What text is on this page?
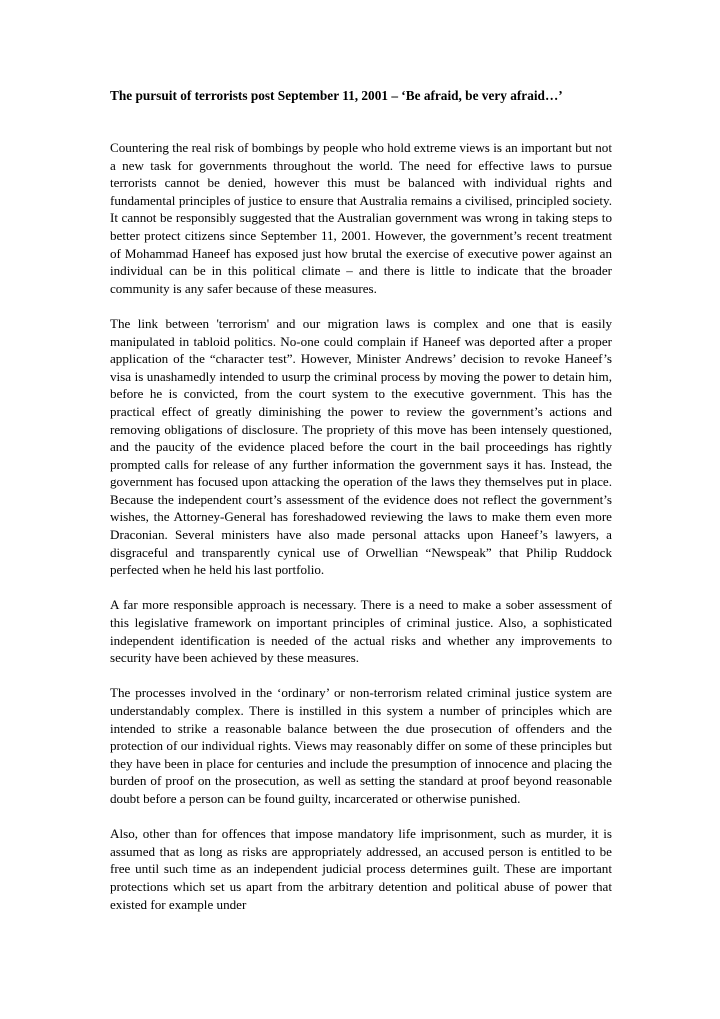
The pursuit of terrorists post September 11, 2001 – ‘Be afraid, be very afraid…’

Countering the real risk of bombings by people who hold extreme views is an important but not a new task for governments throughout the world. The need for effective laws to pursue terrorists cannot be denied, however this must be balanced with individual rights and fundamental principles of justice to ensure that Australia remains a civilised, principled society. It cannot be responsibly suggested that the Australian government was wrong in taking steps to better protect citizens since September 11, 2001. However, the government’s recent treatment of Mohammad Haneef has exposed just how brutal the exercise of executive power against an individual can be in this political climate – and there is little to indicate that the broader community is any safer because of these measures.

The link between 'terrorism' and our migration laws is complex and one that is easily manipulated in tabloid politics. No-one could complain if Haneef was deported after a proper application of the “character test”. However, Minister Andrews’ decision to revoke Haneef’s visa is unashamedly intended to usurp the criminal process by moving the power to detain him, before he is convicted, from the court system to the executive government. This has the practical effect of greatly diminishing the power to review the government’s actions and removing obligations of disclosure. The propriety of this move has been intensely questioned, and the paucity of the evidence placed before the court in the bail proceedings has rightly prompted calls for release of any further information the government says it has. Instead, the government has focused upon attacking the operation of the laws they themselves put in place. Because the independent court’s assessment of the evidence does not reflect the government’s wishes, the Attorney-General has foreshadowed reviewing the laws to make them even more Draconian. Several ministers have also made personal attacks upon Haneef’s lawyers, a disgraceful and transparently cynical use of Orwellian “Newspeak” that Philip Ruddock perfected when he held his last portfolio.

A far more responsible approach is necessary. There is a need to make a sober assessment of this legislative framework on important principles of criminal justice. Also, a sophisticated independent identification is needed of the actual risks and whether any improvements to security have been achieved by these measures.

The processes involved in the ‘ordinary’ or non-terrorism related criminal justice system are understandably complex. There is instilled in this system a number of principles which are intended to strike a reasonable balance between the due prosecution of offenders and the protection of our individual rights. Views may reasonably differ on some of these principles but they have been in place for centuries and include the presumption of innocence and placing the burden of proof on the prosecution, as well as setting the standard at proof beyond reasonable doubt before a person can be found guilty, incarcerated or otherwise punished.

Also, other than for offences that impose mandatory life imprisonment, such as murder, it is assumed that as long as risks are appropriately addressed, an accused person is entitled to be free until such time as an independent judicial process determines guilt. These are important protections which set us apart from the arbitrary detention and political abuse of power that existed for example under
